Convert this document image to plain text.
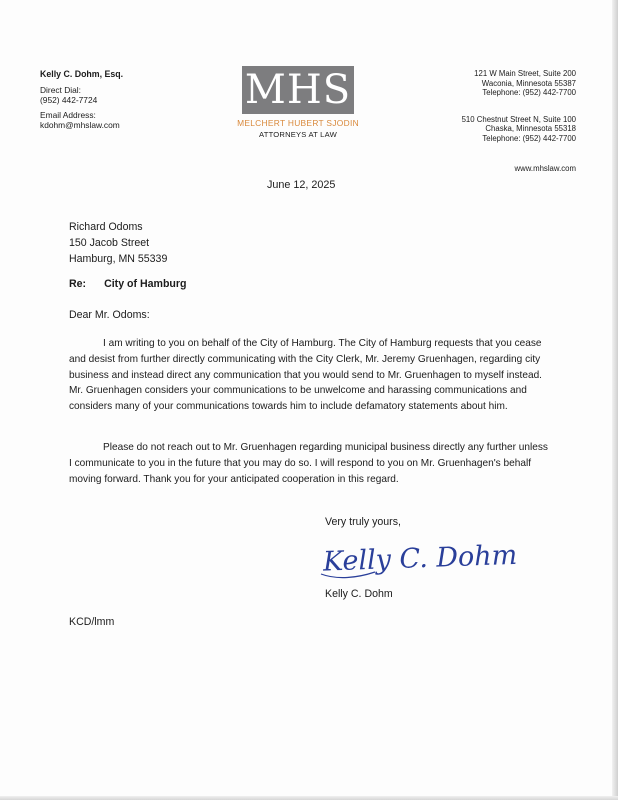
Kelly C. Dohm, Esq.
Direct Dial:
(952) 442-7724
Email Address:
kdohm@mhslaw.com
MHS
MELCHERT HUBERT SJODIN
ATTORNEYS AT LAW
121 W Main Street, Suite 200
Waconia, Minnesota 55387
Telephone: (952) 442-7700
510 Chestnut Street N, Suite 100
Chaska, Minnesota 55318
Telephone: (952) 442-7700
www.mhslaw.com
June 12, 2025
Richard Odoms
150 Jacob Street
Hamburg, MN 55339
Re: City of Hamburg
Dear Mr. Odoms:
I am writing to you on behalf of the City of Hamburg. The City of Hamburg requests that you cease and desist from further directly communicating with the City Clerk, Mr. Jeremy Gruenhagen, regarding city business and instead direct any communication that you would send to Mr. Gruenhagen to myself instead. Mr. Gruenhagen considers your communications to be unwelcome and harassing communications and considers many of your communications towards him to include defamatory statements about him.
Please do not reach out to Mr. Gruenhagen regarding municipal business directly any further unless I communicate to you in the future that you may do so. I will respond to you on Mr. Gruenhagen's behalf moving forward. Thank you for your anticipated cooperation in this regard.
Very truly yours,
Kelly C. Dohm
Kelly C. Dohm
KCD/lmm
